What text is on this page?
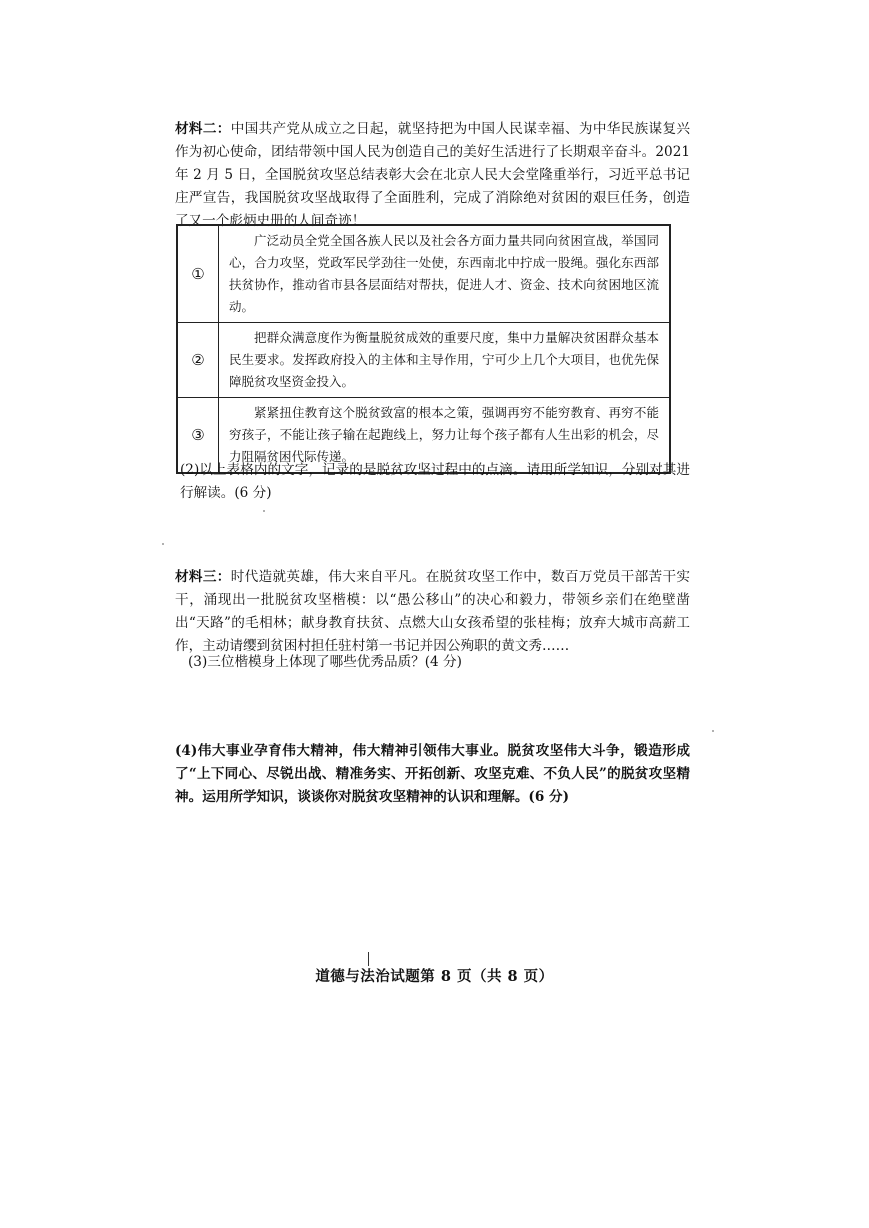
材料二：中国共产党从成立之日起，就坚持把为中国人民谋幸福、为中华民族谋复兴作为初心使命，团结带领中国人民为创造自己的美好生活进行了长期艰辛奋斗。2021 年 2 月 5 日，全国脱贫攻坚总结表彰大会在北京人民大会堂隆重举行，习近平总书记庄严宣告，我国脱贫攻坚战取得了全面胜利，完成了消除绝对贫困的艰巨任务，创造了又一个彪炳史册的人间奇迹！
①	广泛动员全党全国各族人民以及社会各方面力量共同向贫困宣战，举国同心，合力攻坚，党政军民学劲往一处使，东西南北中拧成一股绳。强化东西部扶贫协作，推动省市县各层面结对帮扶，促进人才、资金、技术向贫困地区流动。

②	把群众满意度作为衡量脱贫成效的重要尺度，集中力量解决贫困群众基本民生要求。发挥政府投入的主体和主导作用，宁可少上几个大项目，也优先保障脱贫攻坚资金投入。

③	紧紧扭住教育这个脱贫致富的根本之策，强调再穷不能穷教育、再穷不能穷孩子，不能让孩子输在起跑线上，努力让每个孩子都有人生出彩的机会，尽力阻隔贫困代际传递。
(2)以上表格内的文字，记录的是脱贫攻坚过程中的点滴。请用所学知识，分别对其进行解读。(6 分)
材料三：时代造就英雄，伟大来自平凡。在脱贫攻坚工作中，数百万党员干部苦干实干，涌现出一批脱贫攻坚楷模：以“愚公移山”的决心和毅力，带领乡亲们在绝壁凿出“天路”的毛相林；献身教育扶贫、点燃大山女孩希望的张桂梅；放弃大城市高薪工作，主动请缨到贫困村担任驻村第一书记并因公殉职的黄文秀……
(3)三位楷模身上体现了哪些优秀品质？(4 分)
(4)伟大事业孕育伟大精神，伟大精神引领伟大事业。脱贫攻坚伟大斗争，锻造形成了“上下同心、尽锐出战、精准务实、开拓创新、攻坚克难、不负人民”的脱贫攻坚精神。运用所学知识，谈谈你对脱贫攻坚精神的认识和理解。(6 分)
道德与法治试题第 8 页（共 8 页）
